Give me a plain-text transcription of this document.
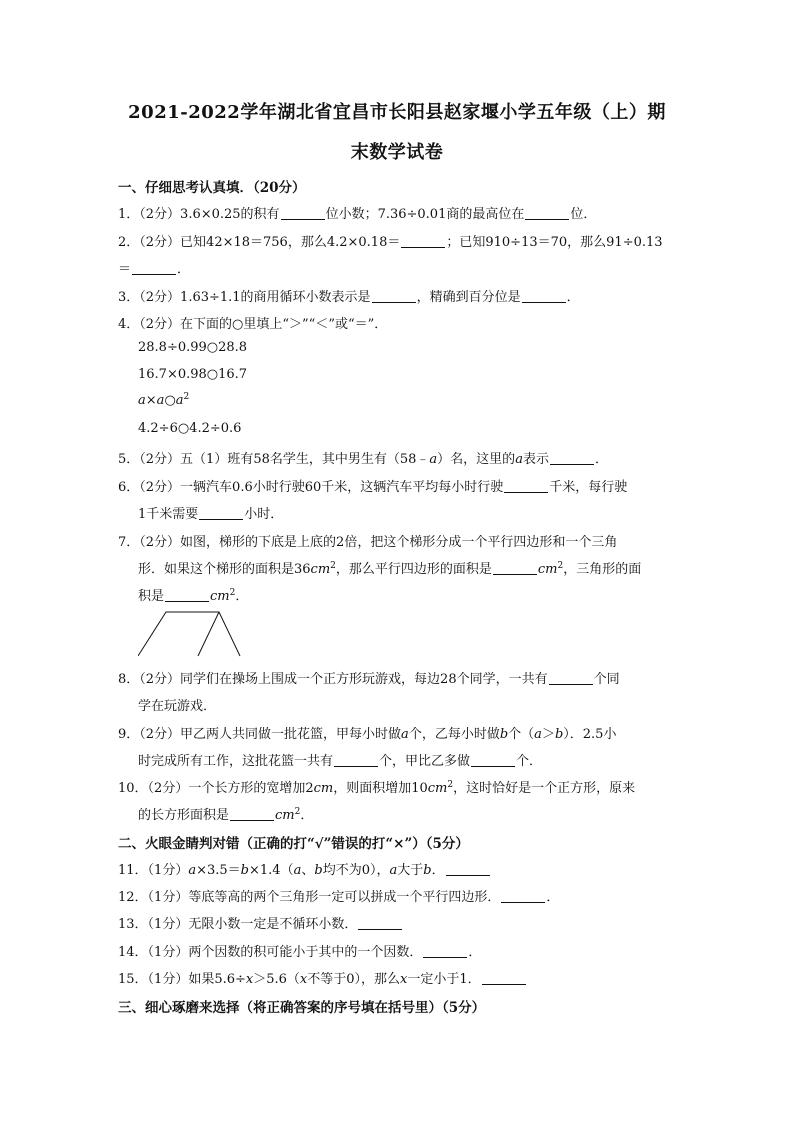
2021-2022学年湖北省宜昌市长阳县赵家堰小学五年级（上）期
末数学试卷
一、仔细思考认真填．（20分）
1．（2分）3.6×0.25的积有	位小数；7.36÷0.01商的最高位在	位．
2．（2分）已知42×18＝756，那么4.2×0.18＝	；已知910÷13＝70，那么91÷0.13
＝	．
3．（2分）1.63÷1.1的商用循环小数表示是	，精确到百分位是	．
4．（2分）在下面的○里填上“＞”“＜”或“＝”．
28.8÷0.99○28.8
16.7×0.98○16.7
$a\times a○a^2$
4.2÷6○4.2÷0.6
5．（2分）五（1）班有58名学生，其中男生有（58﹣a）名，这里的a表示	．
6．（2分）一辆汽车0.6小时行驶60千米，这辆汽车平均每小时行驶	千米，每行驶
1千米需要	小时．
7．（2分）如图，梯形的下底是上底的2倍，把这个梯形分成一个平行四边形和一个三角
形．如果这个梯形的面积是$36cm^2$，那么平行四边形的面积是	$cm^2$，三角形的面
积是	$cm^2$．
8．（2分）同学们在操场上围成一个正方形玩游戏，每边28个同学，一共有	个同
学在玩游戏．
9．（2分）甲乙两人共同做一批花篮，甲每小时做a个，乙每小时做b个（a＞b）．2.5小
时完成所有工作，这批花篮一共有	个，甲比乙多做	个．
10．（2分）一个长方形的宽增加2cm，则面积增加$10cm^2$，这时恰好是一个正方形，原来
的长方形面积是	$cm^2$．
二、火眼金睛判对错（正确的打“√”错误的打“×”）（5分）
11．（1分）a×3.5＝b×1.4（a、b均不为0），a大于b．
12．（1分）等底等高的两个三角形一定可以拼成一个平行四边形．	．
13．（1分）无限小数一定是不循环小数．
14．（1分）两个因数的积可能小于其中的一个因数．	．
15．（1分）如果5.6÷x＞5.6（x不等于0），那么x一定小于1．
三、细心琢磨来选择（将正确答案的序号填在括号里）（5分）
